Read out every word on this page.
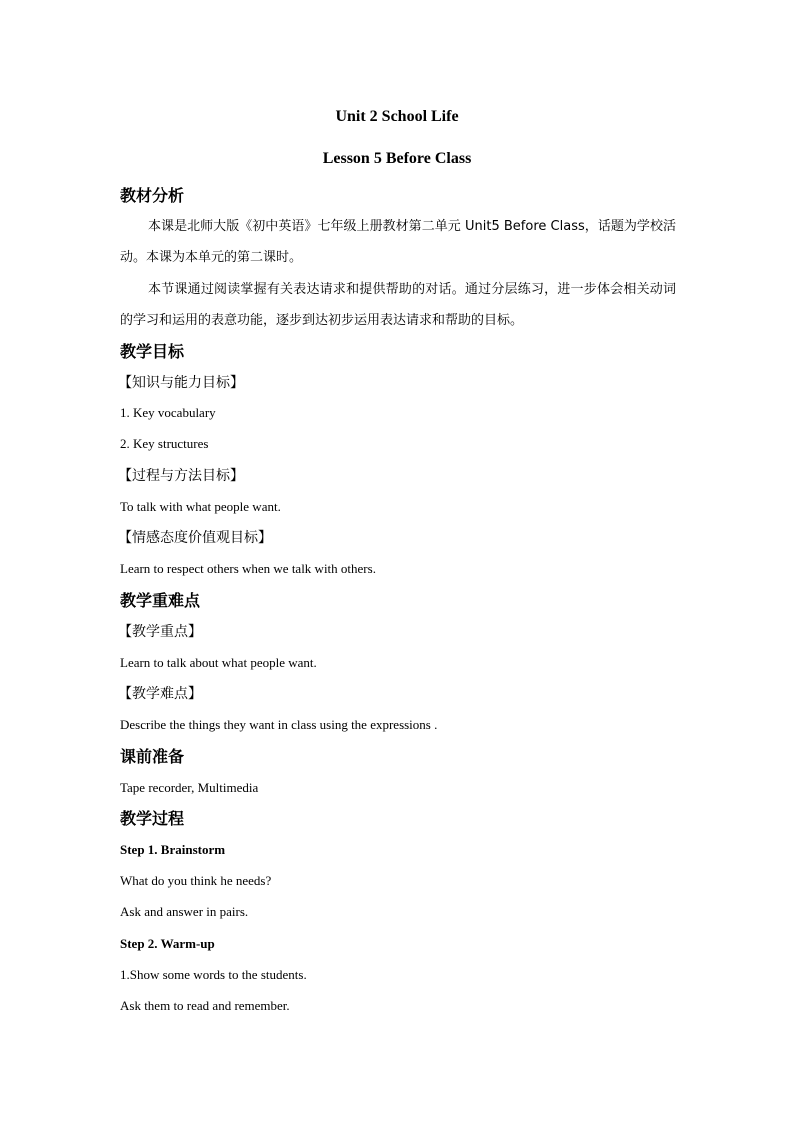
Unit 2 School Life
Lesson 5 Before Class
教材分析
本课是北师大版《初中英语》七年级上册教材第二单元 Unit5 Before Class，话题为学校活动。本课为本单元的第二课时。
本节课通过阅读掌握有关表达请求和提供帮助的对话。通过分层练习，进一步体会相关动词的学习和运用的表意功能，逐步到达初步运用表达请求和帮助的目标。
教学目标
【知识与能力目标】
1. Key vocabulary
2. Key structures
【过程与方法目标】
To talk with what people want.
【情感态度价值观目标】
Learn to respect others when we talk with others.
教学重难点
【教学重点】
Learn to talk about what people want.
【教学难点】
Describe the things they want in class using the expressions .
课前准备
Tape recorder, Multimedia
教学过程
Step 1. Brainstorm
What do you think he needs?
Ask and answer in pairs.
Step 2. Warm-up
1.Show some words to the students.
Ask them to read and remember.
